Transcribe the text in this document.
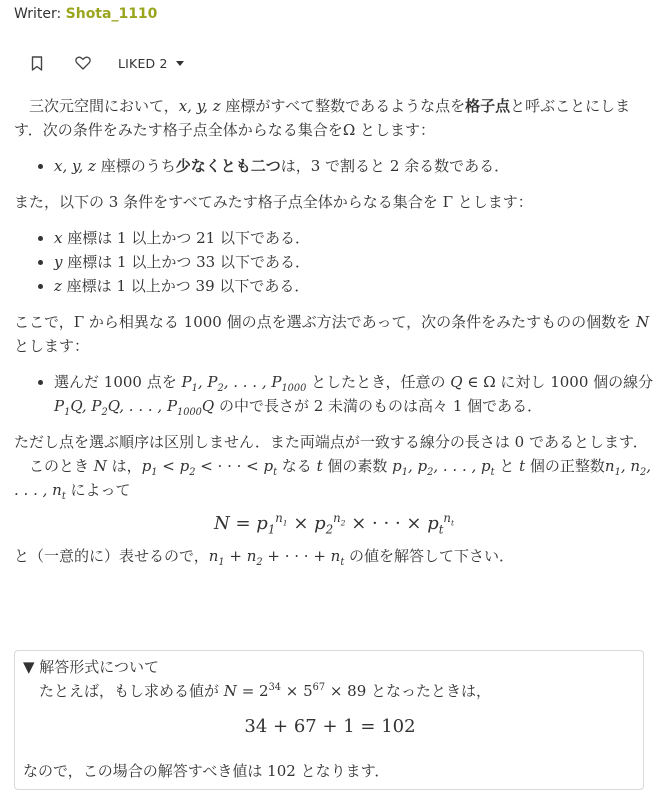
Writer: Shota_1110
LIKED 2

三次元空間において，x, y, z 座標がすべて整数であるような点を格子点と呼ぶことにします．次の条件をみたす格子点全体からなる集合をΩ とします：

• x, y, z 座標のうち少なくとも二つは，3 で割ると 2 余る数である．

また，以下の 3 条件をすべてみたす格子点全体からなる集合を Γ とします：

• x 座標は 1 以上かつ 21 以下である．
• y 座標は 1 以上かつ 33 以下である．
• z 座標は 1 以上かつ 39 以下である．

ここで，Γ から相異なる 1000 個の点を選ぶ方法であって，次の条件をみたすものの個数を N とします：

• 選んだ 1000 点を $P_1$, $P_2$, . . . , $P_{1000}$ としたとき，任意の Q ∈ Ω に対し 1000 個の線分 $P_1Q$, $P_2Q$, . . . , $P_{1000}Q$ の中で長さが 2 未満のものは高々 1 個である．

ただし点を選ぶ順序は区別しません．また両端点が一致する線分の長さは 0 であるとします．

このとき N は，$p_1 < p_2$ < · · · < $p_t$ なる t 個の素数 $p_1$, $p_2$, . . . , $p_t$ と t 個の正整数$n_1$, $n_2$, . . . , $n_t$ によって

$N = p_1^{n_1} \times p_2^{n_2}$ × · · · × $p_t^{n_t}$

と（一意的に）表せるので，$n_1 + n_2$ + · · · + $n_t$ の値を解答して下さい．

▼ 解答形式について
たとえば，もし求める値が $N = 2^{34} \times 5^{67} \times 89$ となったときは，
34 + 67 + 1 = 102
なので，この場合の解答すべき値は 102 となります．
